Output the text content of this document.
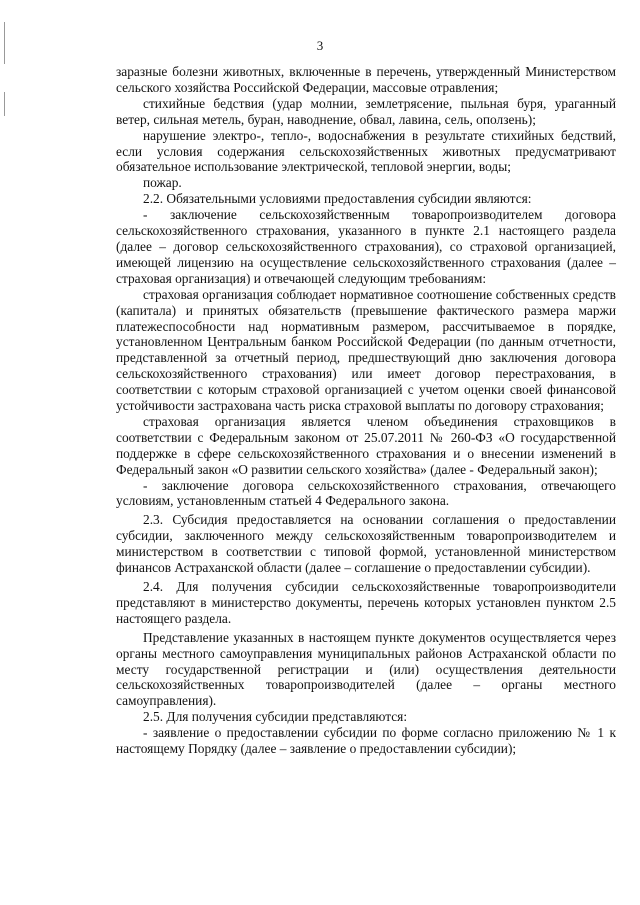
3

заразные болезни животных, включенные в перечень, утвержденный Министерством сельского хозяйства Российской Федерации, массовые отравления;

стихийные бедствия (удар молнии, землетрясение, пыльная буря, ураганный ветер, сильная метель, буран, наводнение, обвал, лавина, сель, оползень);

нарушение электро-, тепло-, водоснабжения в результате стихийных бедствий, если условия содержания сельскохозяйственных животных предусматривают обязательное использование электрической, тепловой энергии, воды;

пожар.

2.2. Обязательными условиями предоставления субсидии являются:

- заключение сельскохозяйственным товаропроизводителем договора сельскохозяйственного страхования, указанного в пункте 2.1 настоящего раздела (далее – договор сельскохозяйственного страхования), со страховой организацией, имеющей лицензию на осуществление сельскохозяйственного страхования (далее – страховая организация) и отвечающей следующим требованиям:

страховая организация соблюдает нормативное соотношение собственных средств (капитала) и принятых обязательств (превышение фактического размера маржи платежеспособности над нормативным размером, рассчитываемое в порядке, установленном Центральным банком Российской Федерации (по данным отчетности, представленной за отчетный период, предшествующий дню заключения договора сельскохозяйственного страхования) или имеет договор перестрахования, в соответствии с которым страховой организацией с учетом оценки своей финансовой устойчивости застрахована часть риска страховой выплаты по договору страхования;

страховая организация является членом объединения страховщиков в соответствии с Федеральным законом от 25.07.2011 № 260-ФЗ «О государственной поддержке в сфере сельскохозяйственного страхования и о внесении изменений в Федеральный закон «О развитии сельского хозяйства» (далее - Федеральный закон);

- заключение договора сельскохозяйственного страхования, отвечающего условиям, установленным статьей 4 Федерального закона.

2.3. Субсидия предоставляется на основании соглашения о предоставлении субсидии, заключенного между сельскохозяйственным товаропроизводителем и министерством в соответствии с типовой формой, установленной министерством финансов Астраханской области (далее – соглашение о предоставлении субсидии).

2.4. Для получения субсидии сельскохозяйственные товаропроизводители представляют в министерство документы, перечень которых установлен пунктом 2.5 настоящего раздела.

Представление указанных в настоящем пункте документов осуществляется через органы местного самоуправления муниципальных районов Астраханской области по месту государственной регистрации и (или) осуществления деятельности сельскохозяйственных товаропроизводителей (далее – органы местного самоуправления).

2.5. Для получения субсидии представляются:

- заявление о предоставлении субсидии по форме согласно приложению № 1 к настоящему Порядку (далее – заявление о предоставлении субсидии);
